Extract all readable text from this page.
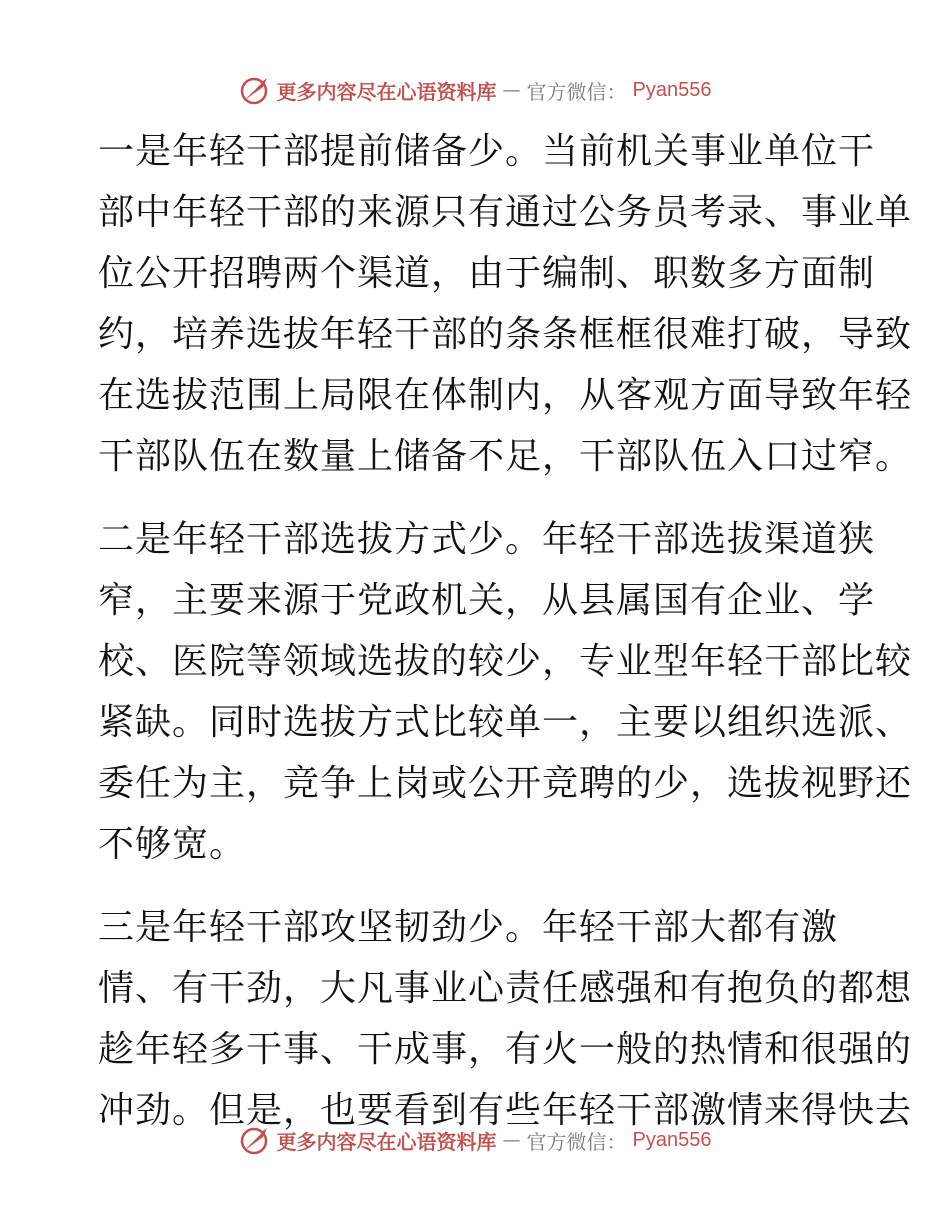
更多内容尽在心语资料库 — 官方微信： Pyan556

一是年轻干部提前储备少。当前机关事业单位干
部中年轻干部的来源只有通过公务员考录、事业单
位公开招聘两个渠道，由于编制、职数多方面制
约，培养选拔年轻干部的条条框框很难打破，导致
在选拔范围上局限在体制内，从客观方面导致年轻
干部队伍在数量上储备不足，干部队伍入口过窄。

二是年轻干部选拔方式少。年轻干部选拔渠道狭
窄，主要来源于党政机关，从县属国有企业、学
校、医院等领域选拔的较少，专业型年轻干部比较
紧缺。同时选拔方式比较单一，主要以组织选派、
委任为主，竞争上岗或公开竞聘的少，选拔视野还
不够宽。

三是年轻干部攻坚韧劲少。年轻干部大都有激
情、有干劲，大凡事业心责任感强和有抱负的都想
趁年轻多干事、干成事，有火一般的热情和很强的
冲劲。但是，也要看到有些年轻干部激情来得快去

更多内容尽在心语资料库 — 官方微信： Pyan556
